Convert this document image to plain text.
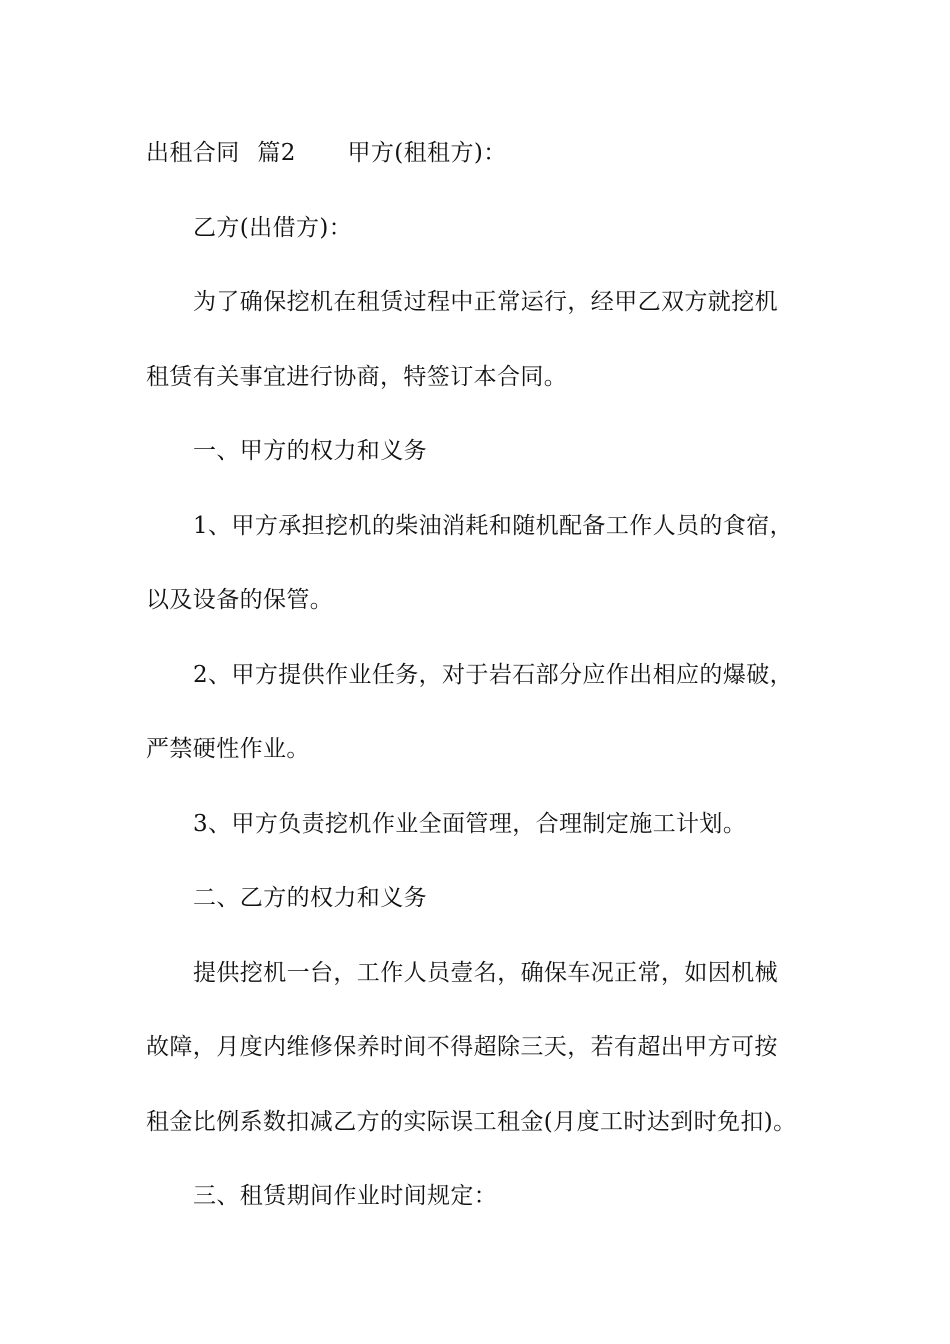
出租合同 篇2 甲方(租租方)：
乙方(出借方)：
为了确保挖机在租赁过程中正常运行，经甲乙双方就挖机
租赁有关事宜进行协商，特签订本合同。
一、甲方的权力和义务
1、甲方承担挖机的柴油消耗和随机配备工作人员的食宿，
以及设备的保管。
2、甲方提供作业任务，对于岩石部分应作出相应的爆破，
严禁硬性作业。
3、甲方负责挖机作业全面管理，合理制定施工计划。
二、乙方的权力和义务
提供挖机一台，工作人员壹名，确保车况正常，如因机械
故障，月度内维修保养时间不得超除三天，若有超出甲方可按
租金比例系数扣减乙方的实际误工租金(月度工时达到时免扣)。
三、租赁期间作业时间规定：
